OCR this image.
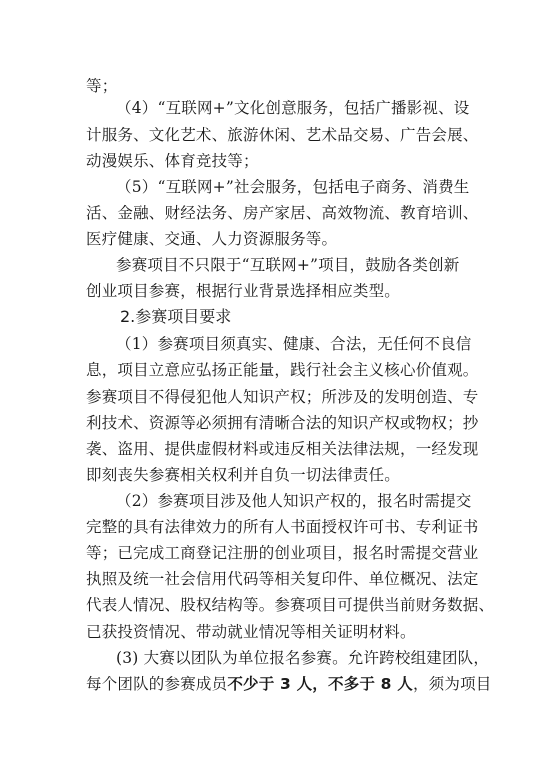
等；
（4）“互联网+”文化创意服务，包括广播影视、设
计服务、文化艺术、旅游休闲、艺术品交易、广告会展、
动漫娱乐、体育竞技等；
（5）“互联网+”社会服务，包括电子商务、消费生
活、金融、财经法务、房产家居、高效物流、教育培训、
医疗健康、交通、人力资源服务等。
参赛项目不只限于“互联网+”项目，鼓励各类创新
创业项目参赛，根据行业背景选择相应类型。
2.参赛项目要求
（1）参赛项目须真实、健康、合法，无任何不良信
息，项目立意应弘扬正能量，践行社会主义核心价值观。
参赛项目不得侵犯他人知识产权；所涉及的发明创造、专
利技术、资源等必须拥有清晰合法的知识产权或物权；抄
袭、盗用、提供虚假材料或违反相关法律法规，一经发现
即刻丧失参赛相关权利并自负一切法律责任。
（2）参赛项目涉及他人知识产权的，报名时需提交
完整的具有法律效力的所有人书面授权许可书、专利证书
等；已完成工商登记注册的创业项目，报名时需提交营业
执照及统一社会信用代码等相关复印件、单位概况、法定
代表人情况、股权结构等。参赛项目可提供当前财务数据、
已获投资情况、带动就业情况等相关证明材料。
(3) 大赛以团队为单位报名参赛。允许跨校组建团队，
每个团队的参赛成员不少于 3 人，不多于 8 人，须为项目
